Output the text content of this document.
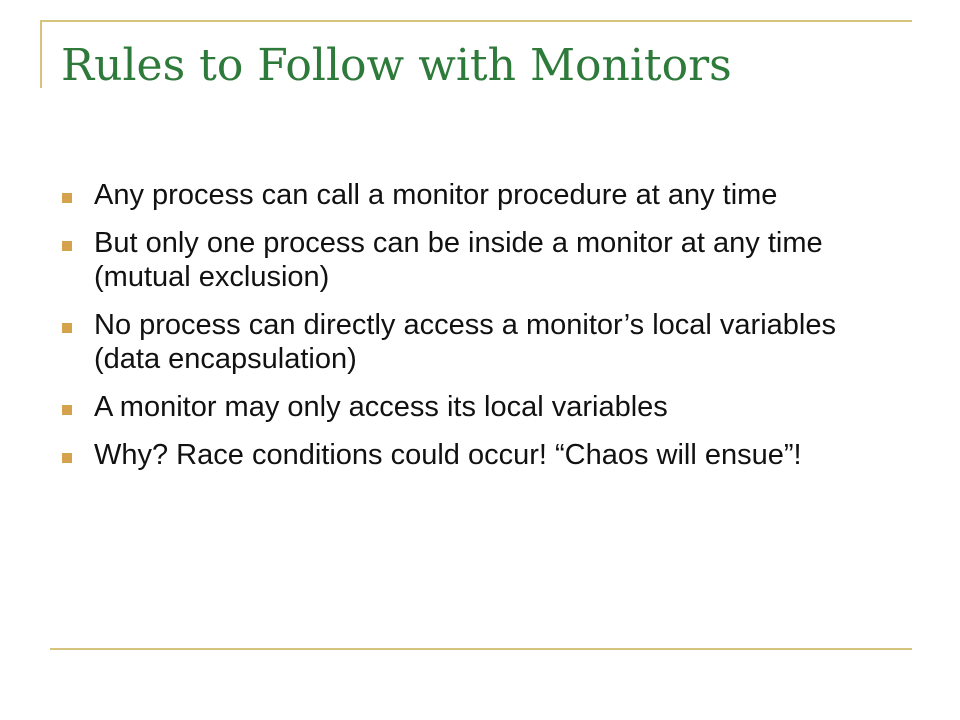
Rules to Follow with Monitors
Any process can call a monitor procedure at any time
But only one process can be inside a monitor at any time (mutual exclusion)
No process can directly access a monitor’s local variables (data encapsulation)
A monitor may only access its local variables
Why? Race conditions could occur! “Chaos will ensue”!
